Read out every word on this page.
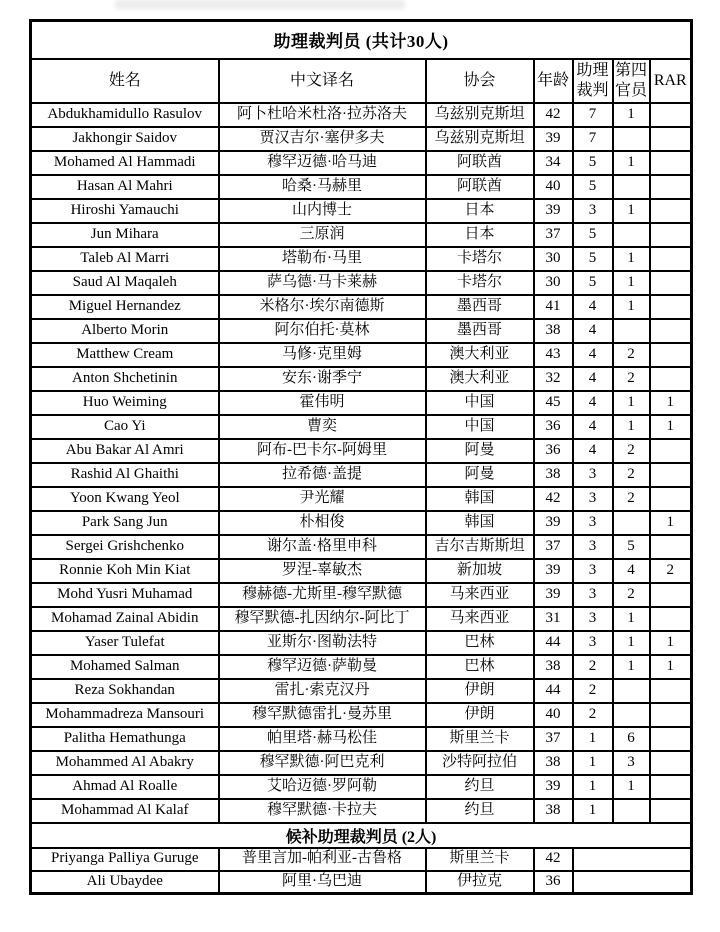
助理裁判员 (共计30人)						
姓名	中文译名	协会	年龄	助理裁判	第四官员	RAR
Abdukhamidullo Rasulov	阿卜杜哈米杜洛·拉苏洛夫	乌兹别克斯坦	42	7	1	
Jakhongir Saidov	贾汉吉尔·塞伊多夫	乌兹别克斯坦	39	7		
Mohamed Al Hammadi	穆罕迈德·哈马迪	阿联酋	34	5	1	
Hasan Al Mahri	哈桑·马赫里	阿联酋	40	5		
Hiroshi Yamauchi	山内博士	日本	39	3	1	
Jun Mihara	三原润	日本	37	5		
Taleb Al Marri	塔勒布·马里	卡塔尔	30	5	1	
Saud Al Maqaleh	萨乌德·马卡莱赫	卡塔尔	30	5	1	
Miguel Hernandez	米格尔·埃尔南德斯	墨西哥	41	4	1	
Alberto Morin	阿尔伯托·莫林	墨西哥	38	4		
Matthew Cream	马修·克里姆	澳大利亚	43	4	2	
Anton Shchetinin	安东·谢季宁	澳大利亚	32	4	2	
Huo Weiming	霍伟明	中国	45	4	1	1
Cao Yi	曹奕	中国	36	4	1	1
Abu Bakar Al Amri	阿布-巴卡尔-阿姆里	阿曼	36	4	2	
Rashid Al Ghaithi	拉希德·盖提	阿曼	38	3	2	
Yoon Kwang Yeol	尹光耀	韩国	42	3	2	
Park Sang Jun	朴相俊	韩国	39	3		1
Sergei Grishchenko	谢尔盖·格里申科	吉尔吉斯斯坦	37	3	5	
Ronnie Koh Min Kiat	罗涅-辜敏杰	新加坡	39	3	4	2
Mohd Yusri Muhamad	穆赫德-尤斯里-穆罕默德	马来西亚	39	3	2	
Mohamad Zainal Abidin	穆罕默德-扎因纳尔-阿比丁	马来西亚	31	3	1	
Yaser Tulefat	亚斯尔·图勒法特	巴林	44	3	1	1
Mohamed Salman	穆罕迈德·萨勒曼	巴林	38	2	1	1
Reza Sokhandan	雷扎·索克汉丹	伊朗	44	2		
Mohammadreza Mansouri	穆罕默德雷扎·曼苏里	伊朗	40	2		
Palitha Hemathunga	帕里塔·赫马松佳	斯里兰卡	37	1	6	
Mohammed Al Abakry	穆罕默德·阿巴克利	沙特阿拉伯	38	1	3	
Ahmad Al Roalle	艾哈迈德·罗阿勒	约旦	39	1	1	
Mohammad Al Kalaf	穆罕默德·卡拉夫	约旦	38	1		
候补助理裁判员 (2人)						
Priyanga Palliya Guruge	普里言加-帕利亚-古鲁格	斯里兰卡	42			
Ali Ubaydee	阿里·乌巴迪	伊拉克	36			
